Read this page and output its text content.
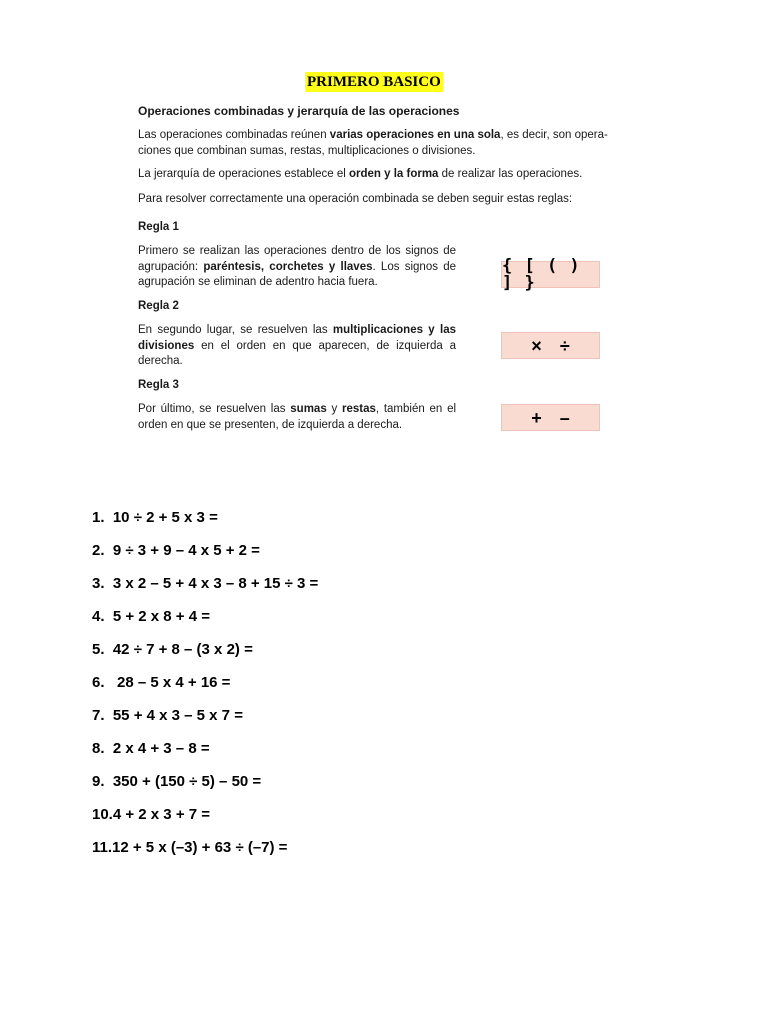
PRIMERO BASICO
Operaciones combinadas y jerarquía de las operaciones
Las operaciones combinadas reúnen varias operaciones en una sola, es decir, son opera-ciones que combinan sumas, restas, multiplicaciones o divisiones.
La jerarquía de operaciones establece el orden y la forma de realizar las operaciones.
Para resolver correctamente una operación combinada se deben seguir estas reglas:
Regla 1
Primero se realizan las operaciones dentro de los signos de agrupación: paréntesis, corchetes y llaves. Los signos de agrupación se eliminan de adentro hacia fuera.
{ [ ( ) ] }
Regla 2
En segundo lugar, se resuelven las multiplicaciones y las divisiones en el orden en que aparecen, de izquierda a derecha.
× ÷
Regla 3
Por último, se resuelven las sumas y restas, también en el orden en que se presenten, de izquierda a derecha.	+ –
1.  10 ÷ 2 + 5 x 3 =
2.  9 ÷ 3 + 9 – 4 x 5 + 2 =
3.  3 x 2 – 5 + 4 x 3 – 8 + 15 ÷ 3 =
4.  5 + 2 x 8 + 4 =
5.  42 ÷ 7 + 8 – (3 x 2) =
6.   28 – 5 x 4 + 16 =
7.  55 + 4 x 3 – 5 x 7 =
8.  2 x 4 + 3 – 8 =
9.  350 + (150 ÷ 5) – 50 =
10.4 + 2 x 3 + 7 =
11.12 + 5 x (–3) + 63 ÷ (–7) =
